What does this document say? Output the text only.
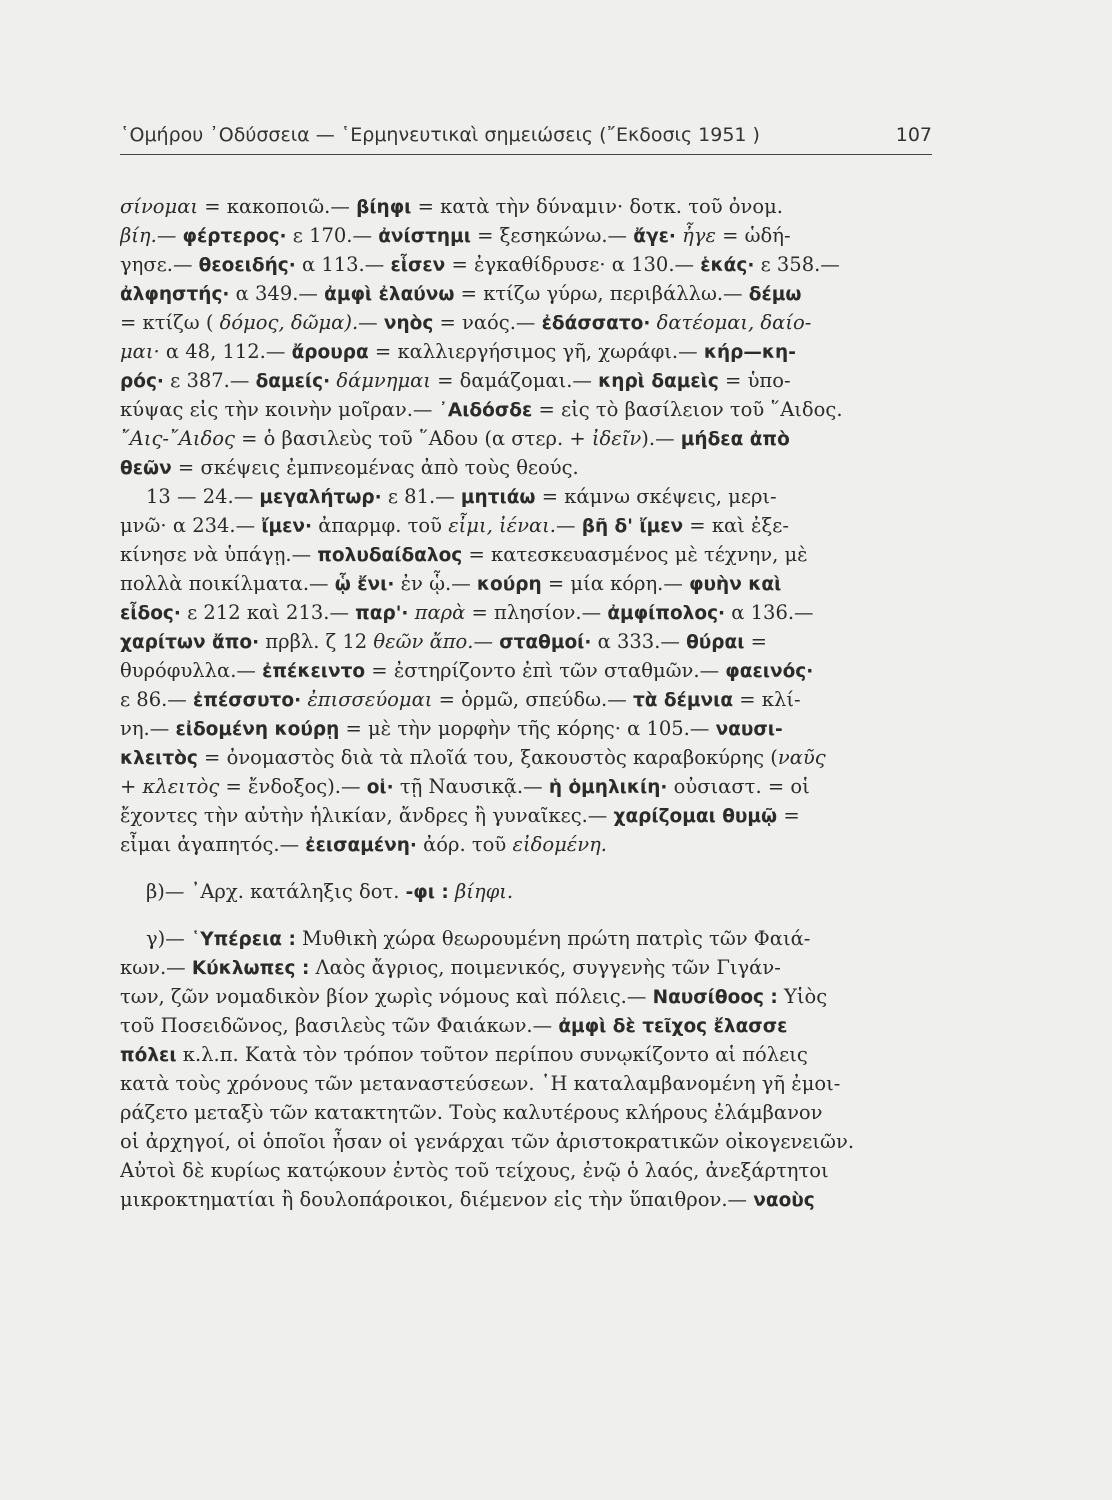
῾Ομήρου ᾿Οδύσσεια — ῾Ερμηνευτικαὶ σημειώσεις (῎Εκδοσις 1951 )	107
σίνομαι = κακοποιῶ.— βίηφι = κατὰ τὴν δύναμιν· δοτκ. τοῦ ὀνομ.
βίη.— φέρτερος· ε 170.— ἀνίστημι = ξεσηκώνω.— ἄγε· ἦγε = ὡδή-
γησε.— θεοειδής· α 113.— εἷσεν = ἐγκαθίδρυσε· α 130.— ἑκάς· ε 358.—
ἀλφηστής· α 349.— ἀμφὶ ἐλαύνω = κτίζω γύρω, περιβάλλω.— δέμω
= κτίζω ( δόμος, δῶμα).— νηὸς = ναός.— ἐδάσσατο· δατέομαι, δαίο-
μαι· α 48, 112.— ἄρουρα = καλλιεργήσιμος γῆ, χωράφι.— κήρ—κη-
ρός· ε 387.— δαμείς· δάμνημαι = δαμάζομαι.— κηρὶ δαμεὶς = ὑπο-
κύψας εἰς τὴν κοινὴν μοῖραν.— ᾿Αιδόσδε = εἰς τὸ βασίλειον τοῦ ῞Αιδος.
῎Αις-῎Αιδος = ὁ βασιλεὺς τοῦ ῞Αδου (α στερ. + ἰδεῖν).— μήδεα ἀπὸ
θεῶν = σκέψεις ἐμπνεομένας ἀπὸ τοὺς θεούς.
13 — 24.— μεγαλήτωρ· ε 81.— μητιάω = κάμνω σκέψεις, μερι-
μνῶ· α 234.— ἴμεν· ἀπαρμφ. τοῦ εἶμι, ἰέναι.— βῆ δ' ἴμεν = καὶ ἐξε-
κίνησε νὰ ὑπάγῃ.— πολυδαίδαλος = κατεσκευασμένος μὲ τέχνην, μὲ
πολλὰ ποικίλματα.— ᾧ ἔνι· ἐν ᾧ.— κούρη = μία κόρη.— φυὴν καὶ
εἶδος· ε 212 καὶ 213.— παρ'· παρὰ = πλησίον.— ἀμφίπολος· α 136.—
χαρίτων ἄπο· πρβλ. ζ 12 θεῶν ἄπο.— σταθμοί· α 333.— θύραι =
θυρόφυλλα.— ἐπέκειντο = ἐστηρίζοντο ἐπὶ τῶν σταθμῶν.— φαεινός·
ε 86.— ἐπέσσυτο· ἐπισσεύομαι = ὁρμῶ, σπεύδω.— τὰ δέμνια = κλί-
νη.— εἰδομένη κούρῃ = μὲ τὴν μορφὴν τῆς κόρης· α 105.— ναυσι-
κλειτὸς = ὀνομαστὸς διὰ τὰ πλοῖά του, ξακουστὸς καραβοκύρης (ναῦς
+ κλειτὸς = ἔνδοξος).— οἱ· τῇ Ναυσικᾷ.— ἡ ὁμηλικίη· οὐσιαστ. = οἱ
ἔχοντες τὴν αὐτὴν ἡλικίαν, ἄνδρες ἢ γυναῖκες.— χαρίζομαι θυμῷ =
εἶμαι ἀγαπητός.— ἐεισαμένη· ἀόρ. τοῦ εἰδομένη.
β)— ᾿Αρχ. κατάληξις δοτ. -φι : βίηφι.
γ)— ῾Υπέρεια : Μυθικὴ χώρα θεωρουμένη πρώτη πατρὶς τῶν Φαιά-
κων.— Κύκλωπες : Λαὸς ἄγριος, ποιμενικός, συγγενὴς τῶν Γιγάν-
των, ζῶν νομαδικὸν βίον χωρὶς νόμους καὶ πόλεις.— Ναυσίθοος : Υἱὸς
τοῦ Ποσειδῶνος, βασιλεὺς τῶν Φαιάκων.— ἀμφὶ δὲ τεῖχος ἔλασσε
πόλει κ.λ.π. Κατὰ τὸν τρόπον τοῦτον περίπου συνῳκίζοντο αἱ πόλεις
κατὰ τοὺς χρόνους τῶν μεταναστεύσεων. ῾Η καταλαμβανομένη γῆ ἐμοι-
ράζετο μεταξὺ τῶν κατακτητῶν. Τοὺς καλυτέρους κλήρους ἐλάμβανον
οἱ ἀρχηγοί, οἱ ὁποῖοι ἦσαν οἱ γενάρχαι τῶν ἀριστοκρατικῶν οἰκογενειῶν.
Αὐτοὶ δὲ κυρίως κατῴκουν ἐντὸς τοῦ τείχους, ἐνῷ ὁ λαός, ἀνεξάρτητοι
μικροκτηματίαι ἢ δουλοπάροικοι, διέμενον εἰς τὴν ὕπαιθρον.— ναοὺς
